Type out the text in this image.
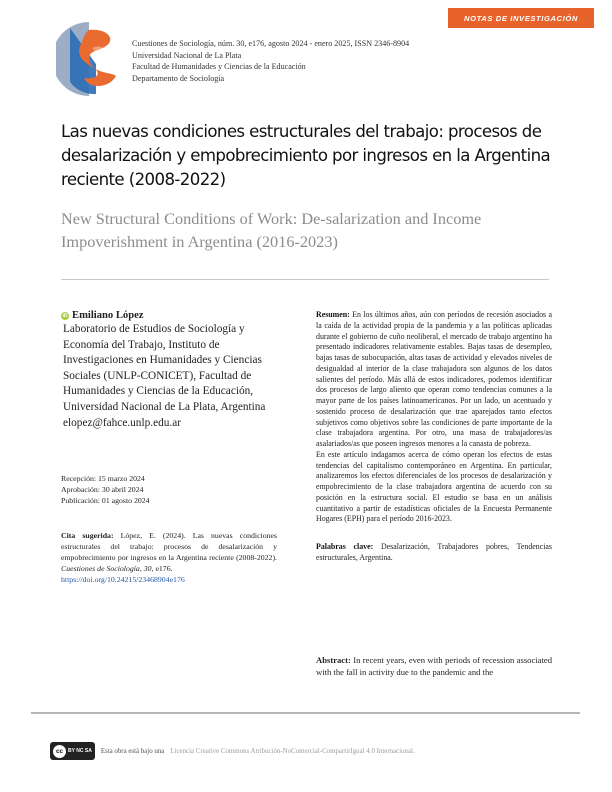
NOTAS DE INVESTIGACIÓN
Cuestiones de Sociología, núm. 30, e176, agosto 2024 - enero 2025, ISSN 2346-8904
Universidad Nacional de La Plata
Facultad de Humanidades y Ciencias de la Educación
Departamento de Sociología
Las nuevas condiciones estructurales del trabajo: procesos de desalarización y empobrecimiento por ingresos en la Argentina reciente (2008-2022)
New Structural Conditions of Work: De-salarization and Income Impoverishment in Argentina (2016-2023)
iD Emiliano López
Laboratorio de Estudios de Sociología y Economía del Trabajo, Instituto de Investigaciones en Humanidades y Ciencias Sociales (UNLP-CONICET), Facultad de Humanidades y Ciencias de la Educación, Universidad Nacional de La Plata, Argentina
elopez@fahce.unlp.edu.ar
Recepción: 15 marzo 2024
Aprobación: 30 abril 2024
Publicación: 01 agosto 2024
Cita sugerida: López, E. (2024). Las nuevas condiciones estructurales del trabajo: procesos de desalarización y empobrecimiento por ingresos en la Argentina reciente (2008-2022). Cuestiones de Sociología, 30, e176.
https://doi.org/10.24215/23468904e176

Resumen: En los últimos años, aún con períodos de recesión asociados a la caída de la actividad propia de la pandemia y a las políticas aplicadas durante el gobierno de cuño neoliberal, el mercado de trabajo argentino ha presentado indicadores relativamente estables. Bajas tasas de desempleo, bajas tasas de subocupación, altas tasas de actividad y elevados niveles de desigualdad al interior de la clase trabajadora son algunos de los datos salientes del período. Más allá de estos indicadores, podemos identificar dos procesos de largo aliento que operan como tendencias comunes a la mayor parte de los países latinoamericanos. Por un lado, un acentuado y sostenido proceso de desalarización que trae aparejados tanto efectos subjetivos como objetivos sobre las condiciones de parte importante de la clase trabajadora argentina. Por otro, una masa de trabajadores/as asalariados/as que poseen ingresos menores a la canasta de pobreza.

En este artículo indagamos acerca de cómo operan los efectos de estas tendencias del capitalismo contemporáneo en Argentina. En particular, analizaremos los efectos diferenciales de los procesos de desalarización y empobrecimiento de la clase trabajadora argentina de acuerdo con su posición en la estructura social. El estudio se basa en un análisis cuantitativo a partir de estadísticas oficiales de la Encuesta Permanente Hogares (EPH) para el período 2016-2023.

Palabras clave: Desalarización, Trabajadores pobres, Tendencias estructurales, Argentina.

Abstract: In recent years, even with periods of recession associated with the fall in activity due to the pandemic and the
cc	BY NC SA Esta obra está bajo una Licencia Creative Commons Atribución-NoComercial-CompartirIgual 4.0 Internacional.
